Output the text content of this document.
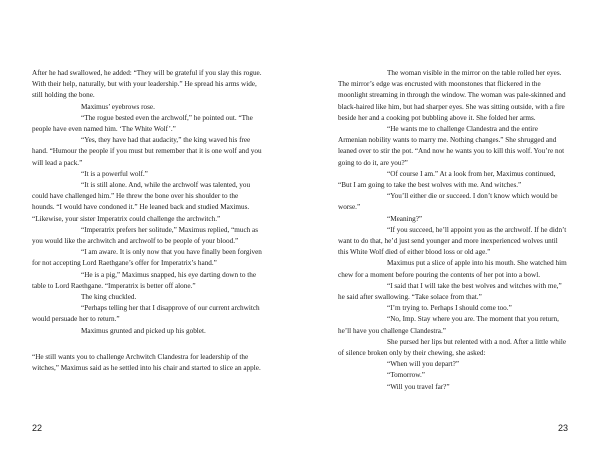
After he had swallowed, he added: “They will be grateful if you slay this rogue. With their help, naturally, but with your leadership.” He spread his arms wide, still holding the bone.

Maximus’ eyebrows rose.

“The rogue bested even the archwolf,” he pointed out. “The people have even named him. ‘The White Wolf’.”

“Yes, they have had that audacity,” the king waved his free hand. “Humour the people if you must but remember that it is one wolf and you will lead a pack.”

“It is a powerful wolf.”

“It is still alone. And, while the archwolf was talented, you could have challenged him.” He threw the bone over his shoulder to the hounds. “I would have condoned it.” He leaned back and studied Maximus. “Likewise, your sister Imperatrix could challenge the archwitch.”

“Imperatrix prefers her solitude,” Maximus replied, “much as you would like the archwitch and archwolf to be people of your blood.”

“I am aware. It is only now that you have finally been forgiven for not accepting Lord Raethgane’s offer for Imperatrix’s hand.”

“He is a pig,” Maximus snapped, his eye darting down to the table to Lord Raethgane. “Imperatrix is better off alone.”

The king chuckled.

“Perhaps telling her that I disapprove of our current archwitch would persuade her to return.”

Maximus grunted and picked up his goblet.

“He still wants you to challenge Archwitch Clandestra for leadership of the witches,” Maximus said as he settled into his chair and started to slice an apple.

22

The woman visible in the mirror on the table rolled her eyes. The mirror’s edge was encrusted with moonstones that flickered in the moonlight streaming in through the window. The woman was pale-skinned and black-haired like him, but had sharper eyes. She was sitting outside, with a fire beside her and a cooking pot bubbling above it. She folded her arms.

“He wants me to challenge Clandestra and the entire Armenian nobility wants to marry me. Nothing changes.” She shrugged and leaned over to stir the pot. “And now he wants you to kill this wolf. You’re not going to do it, are you?”

“Of course I am.” At a look from her, Maximus continued, “But I am going to take the best wolves with me. And witches.”

“You’ll either die or succeed. I don’t know which would be worse.”

“Meaning?”

“If you succeed, he’ll appoint you as the archwolf. If he didn’t want to do that, he’d just send younger and more inexperienced wolves until this White Wolf died of either blood loss or old age.”

Maximus put a slice of apple into his mouth. She watched him chew for a moment before pouring the contents of her pot into a bowl.

“I said that I will take the best wolves and witches with me,” he said after swallowing. “Take solace from that.”

“I’m trying to. Perhaps I should come too.”

“No, Imp. Stay where you are. The moment that you return, he’ll have you challenge Clandestra.”

She pursed her lips but relented with a nod. After a little while of silence broken only by their chewing, she asked:

“When will you depart?”

“Tomorrow.”

“Will you travel far?”

23
